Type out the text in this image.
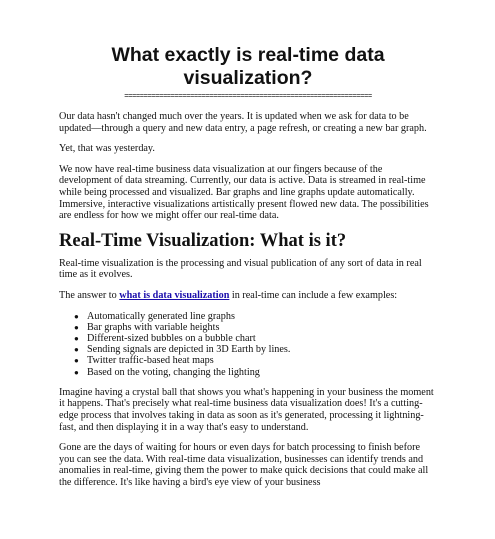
What exactly is real-time data visualization?
================================================================

Our data hasn't changed much over the years. It is updated when we ask for data to be updated—through a query and new data entry, a page refresh, or creating a new bar graph.

Yet, that was yesterday.

We now have real-time business data visualization at our fingers because of the development of data streaming. Currently, our data is active. Data is streamed in real-time while being processed and visualized. Bar graphs and line graphs update automatically. Immersive, interactive visualizations artistically present flowed new data. The possibilities are endless for how we might offer our real-time data.

Real-Time Visualization: What is it?

Real-time visualization is the processing and visual publication of any sort of data in real time as it evolves.

The answer to what is data visualization in real-time can include a few examples:

● Automatically generated line graphs
● Bar graphs with variable heights
● Different-sized bubbles on a bubble chart
● Sending signals are depicted in 3D Earth by lines.
● Twitter traffic-based heat maps
● Based on the voting, changing the lighting

Imagine having a crystal ball that shows you what's happening in your business the moment it happens. That's precisely what real-time business data visualization does! It's a cutting-edge process that involves taking in data as soon as it's generated, processing it lightning-fast, and then displaying it in a way that's easy to understand.

Gone are the days of waiting for hours or even days for batch processing to finish before you can see the data. With real-time data visualization, businesses can identify trends and anomalies in real-time, giving them the power to make quick decisions that could make all the difference. It's like having a bird's eye view of your business
